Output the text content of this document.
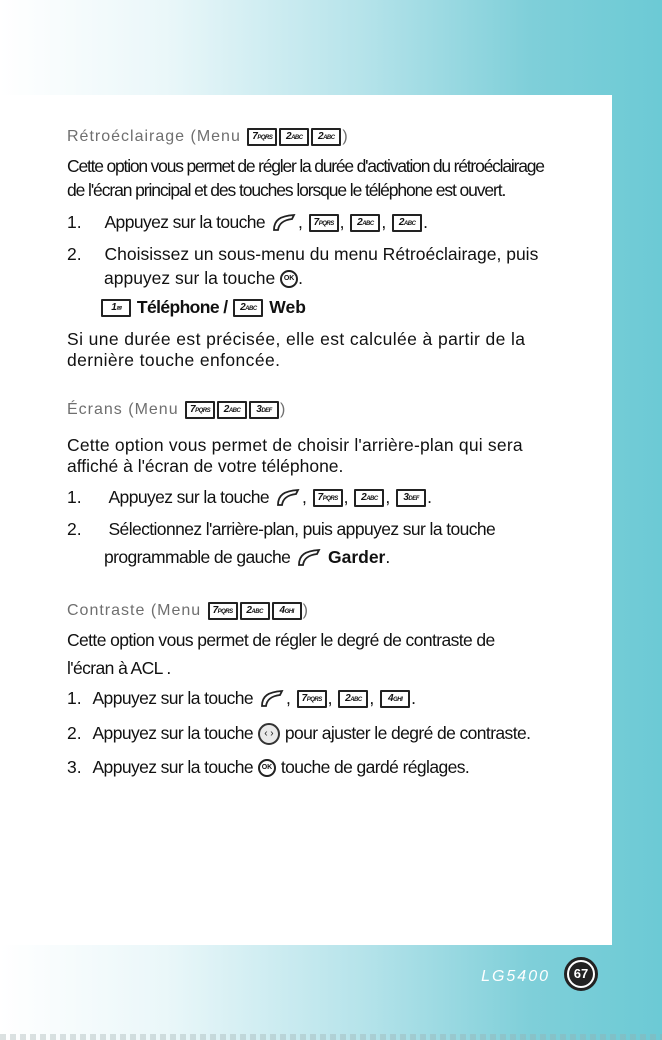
Rétroéclairage (Menu 7PQRS 2ABC 2ABC )
Cette option vous permet de régler la durée d'activation du rétroéclairage
de l'écran principal et des touches lorsque le téléphone est ouvert.
1. Appuyez sur la touche , 7PQRS , 2ABC , 2ABC .
2. Choisissez un sous-menu du menu Rétroéclairage, puis
appuyez sur la touche OK .
1✉ Téléphone / 2ABC Web
Si une durée est précisée, elle est calculée à partir de la
dernière touche enfoncée.
Écrans (Menu 7PQRS 2ABC 3DEF )
Cette option vous permet de choisir l'arrière-plan qui sera
affiché à l'écran de votre téléphone.
1. Appuyez sur la touche , 7PQRS , 2ABC , 3DEF .
2. Sélectionnez l'arrière-plan, puis appuyez sur la touche
programmable de gauche Garder.
Contraste (Menu 7PQRS 2ABC 4GHI )
Cette option vous permet de régler le degré de contraste de
l'écran à ACL .
1. Appuyez sur la touche , 7PQRS , 2ABC , 4GHI .
2. Appuyez sur la touche ‹ › pour ajuster le degré de contraste.
3. Appuyez sur la touche OK touche de gardé réglages.
LG5400	67
